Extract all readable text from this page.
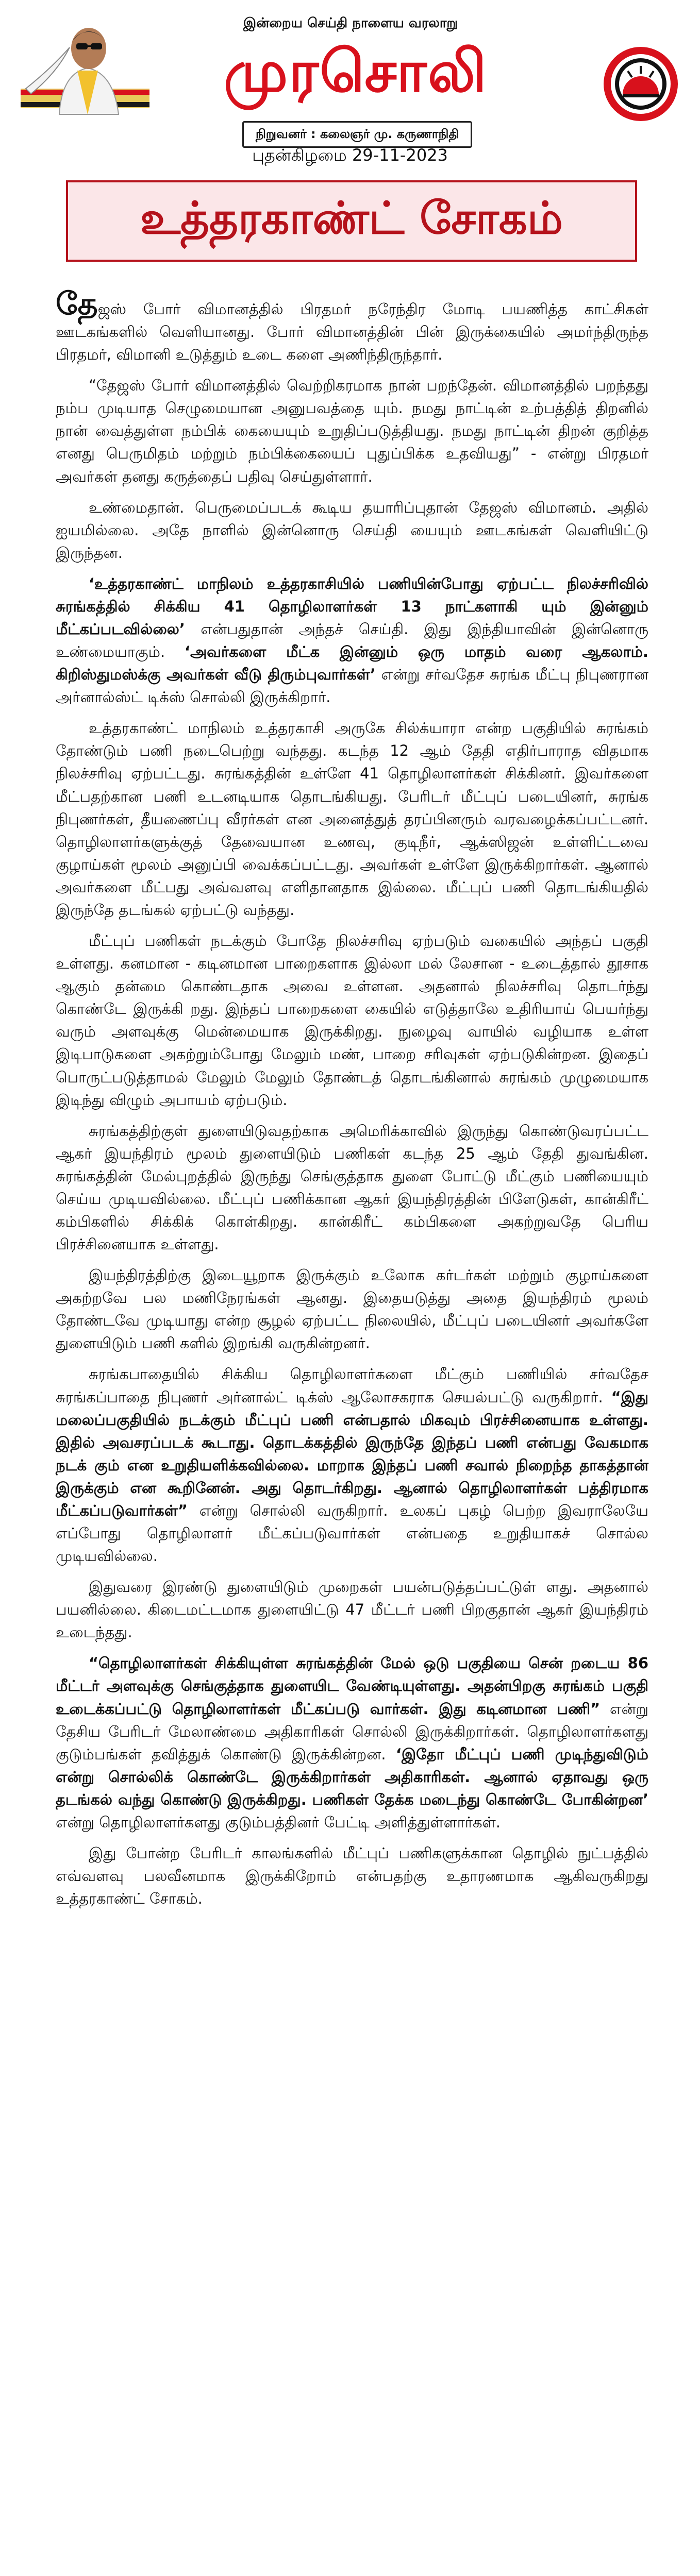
இன்றைய செய்தி நாளைய வரலாறு
முரசொலி
நிறுவனர் : கலைஞர் மு. கருணாநிதி
புதன்கிழமை 29-11-2023
உத்தரகாண்ட் சோகம்

தேஜஸ் போர் விமானத்தில் பிரதமர் நரேந்திர மோடி பயணித்த காட்சிகள் ஊடகங்களில் வெளியானது. போர் விமானத்தின் பின் இருக்கையில் அமர்ந்திருந்த பிரதமர், விமானி உடுத்தும் உடை களை அணிந்திருந்தார்.

“தேஜஸ் போர் விமானத்தில் வெற்றிகரமாக நான் பறந்தேன். விமானத்தில் பறந்தது நம்ப முடியாத செழுமையான அனுபவத்தை யும். நமது நாட்டின் உற்பத்தித் திறனில் நான் வைத்துள்ள நம்பிக் கையையும் உறுதிப்படுத்தியது. நமது நாட்டின் திறன் குறித்த எனது பெருமிதம் மற்றும் நம்பிக்கையைப் புதுப்பிக்க உதவியது” - என்று பிரதமர் அவர்கள் தனது கருத்தைப் பதிவு செய்துள்ளார்.

உண்மைதான். பெருமைப்படக் கூடிய தயாரிப்புதான் தேஜஸ் விமானம். அதில் ஐயமில்லை. அதே நாளில் இன்னொரு செய்தி யையும் ஊடகங்கள் வெளியிட்டு இருந்தன.

‘உத்தரகாண்ட் மாநிலம் உத்தரகாசியில் பணியின்போது ஏற்பட்ட நிலச்சரிவில் சுரங்கத்தில் சிக்கிய 41 தொழிலாளர்கள் 13 நாட்களாகி யும் இன்னும் மீட்கப்படவில்லை’ என்பதுதான் அந்தச் செய்தி. இது இந்தியாவின் இன்னொரு உண்மையாகும். ‘அவர்களை மீட்க இன்னும் ஒரு மாதம் வரை ஆகலாம். கிறிஸ்துமஸ்க்கு அவர்கள் வீடு திரும்புவார்கள்’ என்று சர்வதேச சுரங்க மீட்பு நிபுணரான அர்னால்ஸ்ட் டிக்ஸ் சொல்லி இருக்கிறார்.

உத்தரகாண்ட் மாநிலம் உத்தரகாசி அருகே சில்க்யாரா என்ற பகுதியில் சுரங்கம் தோண்டும் பணி நடைபெற்று வந்தது. கடந்த 12 ஆம் தேதி எதிர்பாராத விதமாக நிலச்சரிவு ஏற்பட்டது. சுரங்கத்தின் உள்ளே 41 தொழிலாளர்கள் சிக்கினர். இவர்களை மீட்பதற்கான பணி உடனடியாக தொடங்கியது. பேரிடர் மீட்புப் படையினர், சுரங்க நிபுணர்கள், தீயணைப்பு வீரர்கள் என அனைத்துத் தரப்பினரும் வரவழைக்கப்பட்டனர். தொழிலாளர்களுக்குத் தேவையான உணவு, குடிநீர், ஆக்ஸிஜன் உள்ளிட்டவை குழாய்கள் மூலம் அனுப்பி வைக்கப்பட்டது. அவர்கள் உள்ளே இருக்கிறார்கள். ஆனால் அவர்களை மீட்பது அவ்வளவு எளிதானதாக இல்லை. மீட்புப் பணி தொடங்கியதில் இருந்தே தடங்கல் ஏற்பட்டு வந்தது.

மீட்புப் பணிகள் நடக்கும் போதே நிலச்சரிவு ஏற்படும் வகையில் அந்தப் பகுதி உள்ளது. கனமான - கடினமான பாறைகளாக இல்லா மல் லேசான - உடைத்தால் தூசாக ஆகும் தன்மை கொண்டதாக அவை உள்ளன. அதனால் நிலச்சரிவு தொடர்ந்து கொண்டே இருக்கி றது. இந்தப் பாறைகளை கையில் எடுத்தாலே உதிரியாய் பெயர்ந்து வரும் அளவுக்கு மென்மையாக இருக்கிறது. நுழைவு வாயில் வழியாக உள்ள இடிபாடுகளை அகற்றும்போது மேலும் மண், பாறை சரிவுகள் ஏற்படுகின்றன. இதைப் பொருட்படுத்தாமல் மேலும் மேலும் தோண்டத் தொடங்கினால் சுரங்கம் முழுமையாக இடிந்து விழும் அபாயம் ஏற்படும்.

சுரங்கத்திற்குள் துளையிடுவதற்காக அமெரிக்காவில் இருந்து கொண்டுவரப்பட்ட ஆகர் இயந்திரம் மூலம் துளையிடும் பணிகள் கடந்த 25 ஆம் தேதி துவங்கின. சுரங்கத்தின் மேல்புறத்தில் இருந்து செங்குத்தாக துளை போட்டு மீட்கும் பணியையும் செய்ய முடியவில்லை. மீட்புப் பணிக்கான ஆகர் இயந்திரத்தின் பிளேடுகள், கான்கிரீட் கம்பிகளில் சிக்கிக் கொள்கிறது. கான்கிரீட் கம்பிகளை அகற்றுவதே பெரிய பிரச்சினையாக உள்ளது.

இயந்திரத்திற்கு இடையூறாக இருக்கும் உலோக கர்டர்கள் மற்றும் குழாய்களை அகற்றவே பல மணிநேரங்கள் ஆனது. இதையடுத்து அதை இயந்திரம் மூலம் தோண்டவே முடியாது என்ற சூழல் ஏற்பட்ட நிலையில், மீட்புப் படையினர் அவர்களே துளையிடும் பணி களில் இறங்கி வருகின்றனர்.

சுரங்கபாதையில் சிக்கிய தொழிலாளர்களை மீட்கும் பணியில் சர்வதேச சுரங்கப்பாதை நிபுணர் அர்னால்ட் டிக்ஸ் ஆலோசகராக செயல்பட்டு வருகிறார். “இது மலைப்பகுதியில் நடக்கும் மீட்புப் பணி என்பதால் மிகவும் பிரச்சினையாக உள்ளது. இதில் அவசரப்படக் கூடாது. தொடக்கத்தில் இருந்தே இந்தப் பணி என்பது வேகமாக நடக் கும் என உறுதியளிக்கவில்லை. மாறாக இந்தப் பணி சவால் நிறைந்த தாகத்தான் இருக்கும் என கூறினேன். அது தொடர்கிறது. ஆனால் தொழிலாளர்கள் பத்திரமாக மீட்கப்படுவார்கள்” என்று சொல்லி வருகிறார். உலகப் புகழ் பெற்ற இவராலேயே எப்போது தொழிலாளர் மீட்கப்படுவார்கள் என்பதை உறுதியாகச் சொல்ல முடியவில்லை.

இதுவரை இரண்டு துளையிடும் முறைகள் பயன்படுத்தப்பட்டுள் ளது. அதனால் பயனில்லை. கிடைமட்டமாக துளையிட்டு 47 மீட்டர் பணி பிறகுதான் ஆகர் இயந்திரம் உடைந்தது.

“தொழிலாளர்கள் சிக்கியுள்ள சுரங்கத்தின் மேல் ஒடு பகுதியை சென் றடைய 86 மீட்டர் அளவுக்கு செங்குத்தாக துளையிட வேண்டியுள்ளது. அதன்பிறகு சுரங்கம் பகுதி உடைக்கப்பட்டு தொழிலாளர்கள் மீட்கப்படு வார்கள். இது கடினமான பணி” என்று தேசிய பேரிடர் மேலாண்மை அதிகாரிகள் சொல்லி இருக்கிறார்கள். தொழிலாளர்களது குடும்பங்கள் தவித்துக் கொண்டு இருக்கின்றன. ‘இதோ மீட்புப் பணி முடிந்துவிடும் என்று சொல்லிக் கொண்டே இருக்கிறார்கள் அதிகாரிகள். ஆனால் ஏதாவது ஒரு தடங்கல் வந்து கொண்டு இருக்கிறது. பணிகள் தேக்க மடைந்து கொண்டே போகின்றன’ என்று தொழிலாளர்களது குடும்பத்தினர் பேட்டி அளித்துள்ளார்கள்.

இது போன்ற பேரிடர் காலங்களில் மீட்புப் பணிகளுக்கான தொழில் நுட்பத்தில் எவ்வளவு பலவீனமாக இருக்கிறோம் என்பதற்கு உதாரணமாக ஆகிவருகிறது உத்தரகாண்ட் சோகம்.
